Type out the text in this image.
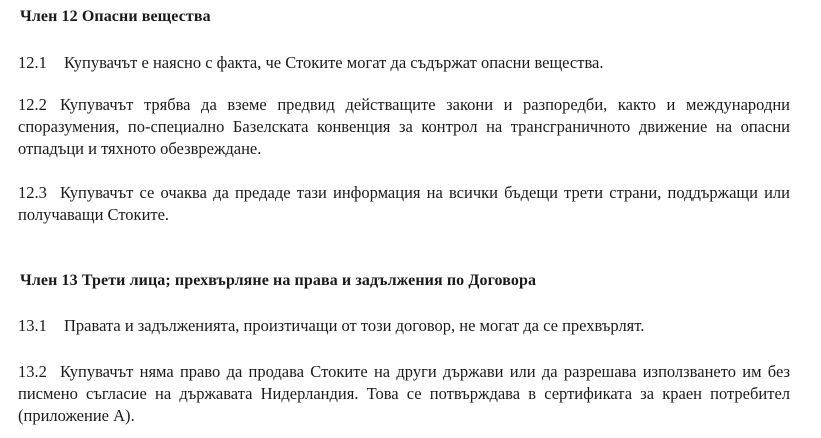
Член 12 Опасни вещества
12.1 Купувачът е наясно с факта, че Стоките могат да съдържат опасни вещества.
12.2 Купувачът трябва да вземе предвид действащите закони и разпоредби, както и международни споразумения, по-специално Базелската конвенция за контрол на трансграничното движение на опасни отпадъци и тяхното обезвреждане.
12.3 Купувачът се очаква да предаде тази информация на всички бъдещи трети страни, поддържащи или получаващи Стоките.
Член 13 Трети лица; прехвърляне на права и задължения по Договора
13.1 Правата и задълженията, произтичащи от този договор, не могат да се прехвърлят.
13.2 Купувачът няма право да продава Стоките на други държави или да разрешава използването им без писмено съгласие на държавата Нидерландия. Това се потвърждава в сертификата за краен потребител (приложение А).
